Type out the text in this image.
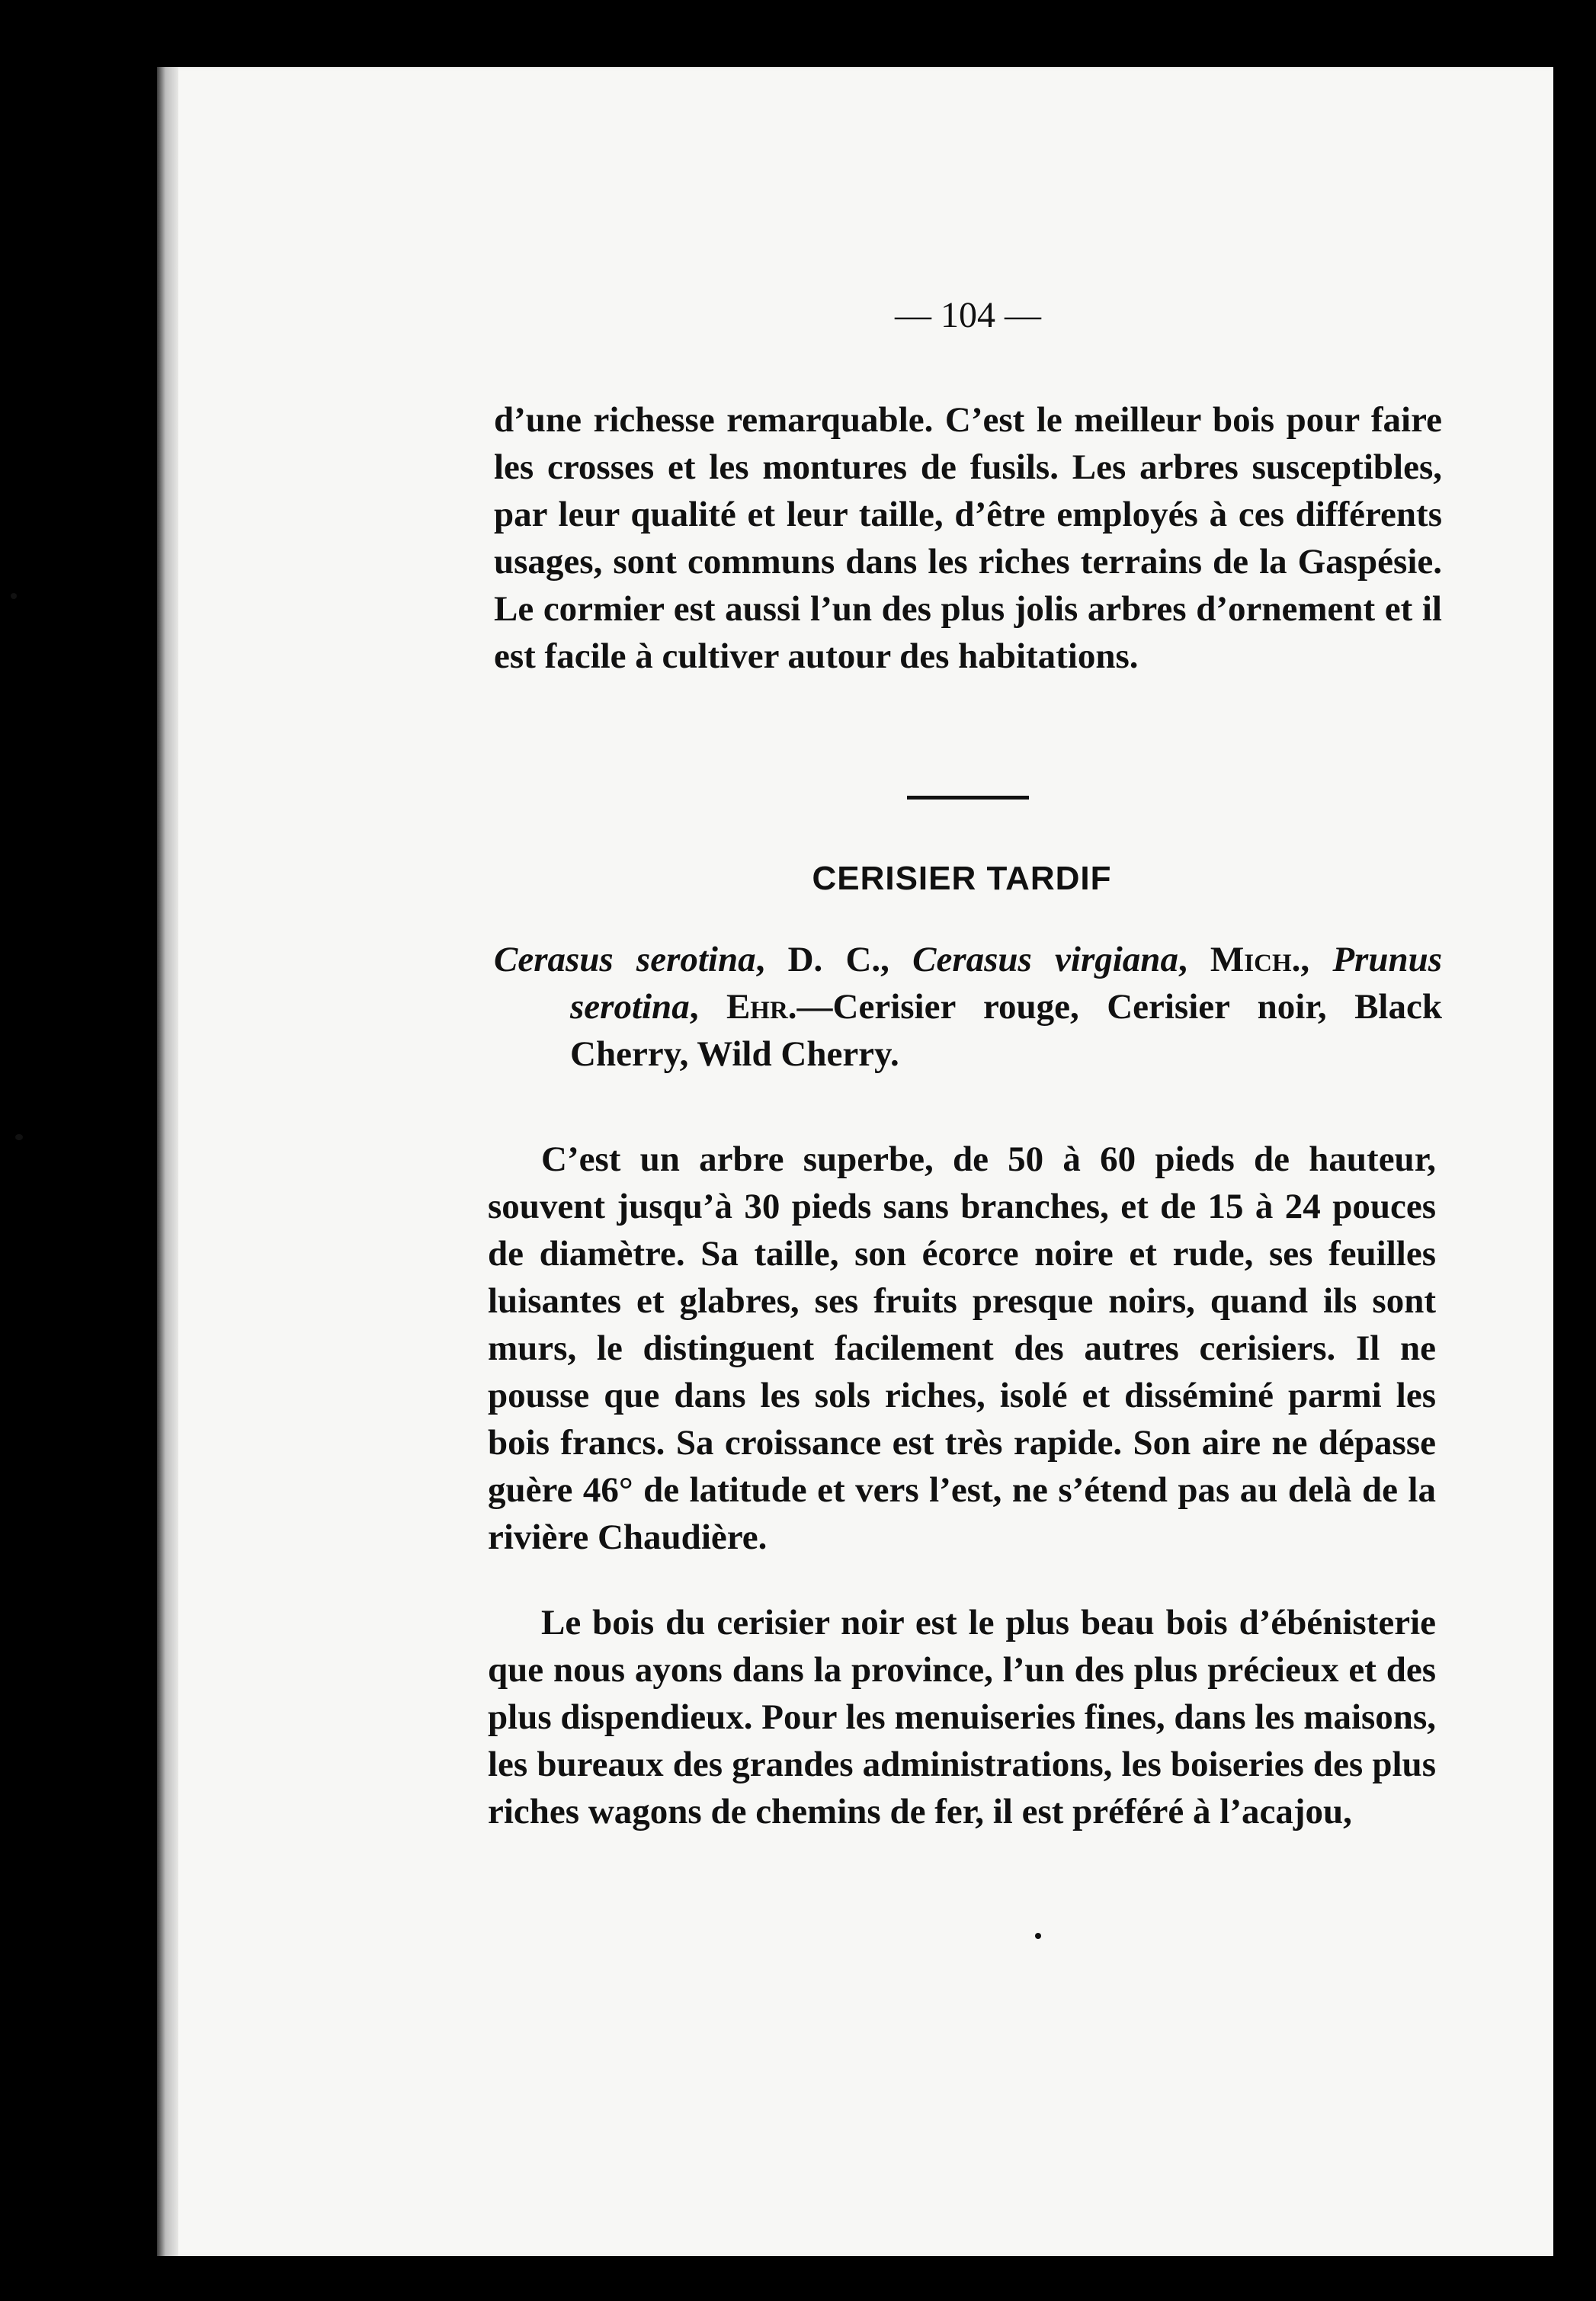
— 104 —

d’une richesse remarquable. C’est le meilleur bois pour faire les crosses et les montures de fusils. Les arbres susceptibles, par leur qualité et leur taille, d’être employés à ces différents usages, sont communs dans les riches terrains de la Gaspésie. Le cormier est aussi l’un des plus jolis arbres d’ornement et il est facile à cultiver autour des habitations.

CERISIER TARDIF

Cerasus serotina, D. C., Cerasus virgiana, Mich., Prunus serotina, Ehr.—Cerisier rouge, Cerisier noir, Black Cherry, Wild Cherry.

C’est un arbre superbe, de 50 à 60 pieds de hauteur, souvent jusqu’à 30 pieds sans branches, et de 15 à 24 pouces de diamètre. Sa taille, son écorce noire et rude, ses feuilles luisantes et glabres, ses fruits presque noirs, quand ils sont murs, le distinguent facilement des autres cerisiers. Il ne pousse que dans les sols riches, isolé et disséminé parmi les bois francs. Sa croissance est très rapide. Son aire ne dépasse guère 46° de latitude et vers l’est, ne s’étend pas au delà de la rivière Chaudière.

Le bois du cerisier noir est le plus beau bois d’ébénisterie que nous ayons dans la province, l’un des plus précieux et des plus dispendieux. Pour les menuiseries fines, dans les maisons, les bureaux des grandes administrations, les boiseries des plus riches wagons de chemins de fer, il est préféré à l’acajou,
